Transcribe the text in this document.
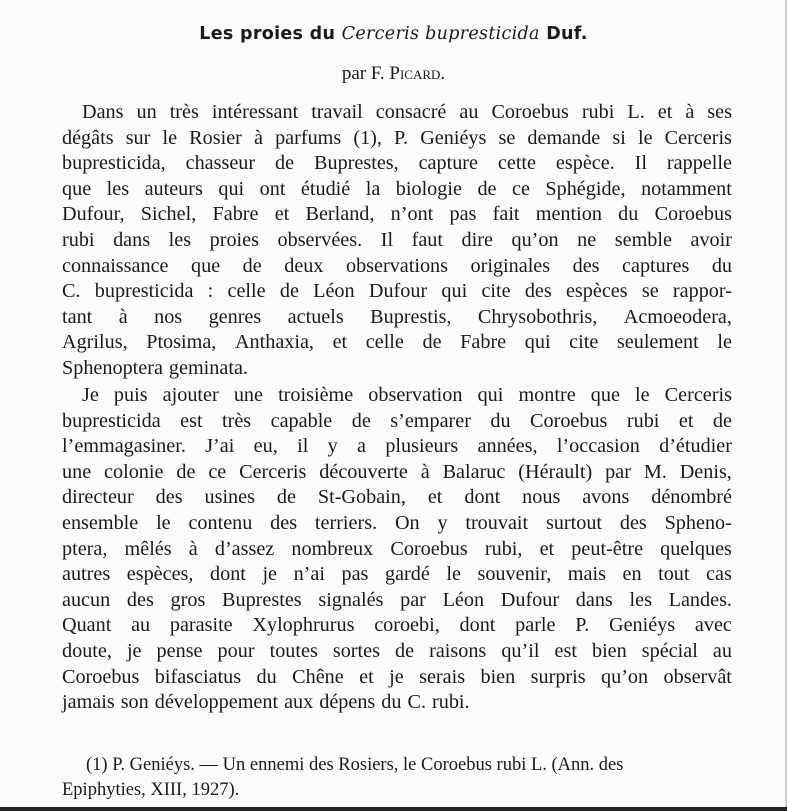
Les proies du Cerceris bupresticida Duf.
par F. Picard.
Dans un très intéressant travail consacré au Coroebus rubi L. et à ses
dégâts sur le Rosier à parfums (1), P. Geniéys se demande si le Cerceris
bupresticida, chasseur de Buprestes, capture cette espèce. Il rappelle
que les auteurs qui ont étudié la biologie de ce Sphégide, notamment
Dufour, Sichel, Fabre et Berland, n’ont pas fait mention du Coroebus
rubi dans les proies observées. Il faut dire qu’on ne semble avoir
connaissance que de deux observations originales des captures du
C. bupresticida : celle de Léon Dufour qui cite des espèces se rappor-
tant à nos genres actuels Buprestis, Chrysobothris, Acmoeodera,
Agrilus, Ptosima, Anthaxia, et celle de Fabre qui cite seulement le
Sphenoptera geminata.
Je puis ajouter une troisième observation qui montre que le Cerceris
bupresticida est très capable de s’emparer du Coroebus rubi et de
l’emmagasiner. J’ai eu, il y a plusieurs années, l’occasion d’étudier
une colonie de ce Cerceris découverte à Balaruc (Hérault) par M. Denis,
directeur des usines de St-Gobain, et dont nous avons dénombré
ensemble le contenu des terriers. On y trouvait surtout des Spheno-
ptera, mêlés à d’assez nombreux Coroebus rubi, et peut-être quelques
autres espèces, dont je n’ai pas gardé le souvenir, mais en tout cas
aucun des gros Buprestes signalés par Léon Dufour dans les Landes.
Quant au parasite Xylophrurus coroebi, dont parle P. Geniéys avec
doute, je pense pour toutes sortes de raisons qu’il est bien spécial au
Coroebus bifasciatus du Chêne et je serais bien surpris qu’on observât
jamais son développement aux dépens du C. rubi.
(1) P. Geniéys. — Un ennemi des Rosiers, le Coroebus rubi L. (Ann. des
Epiphyties, XIII, 1927).
